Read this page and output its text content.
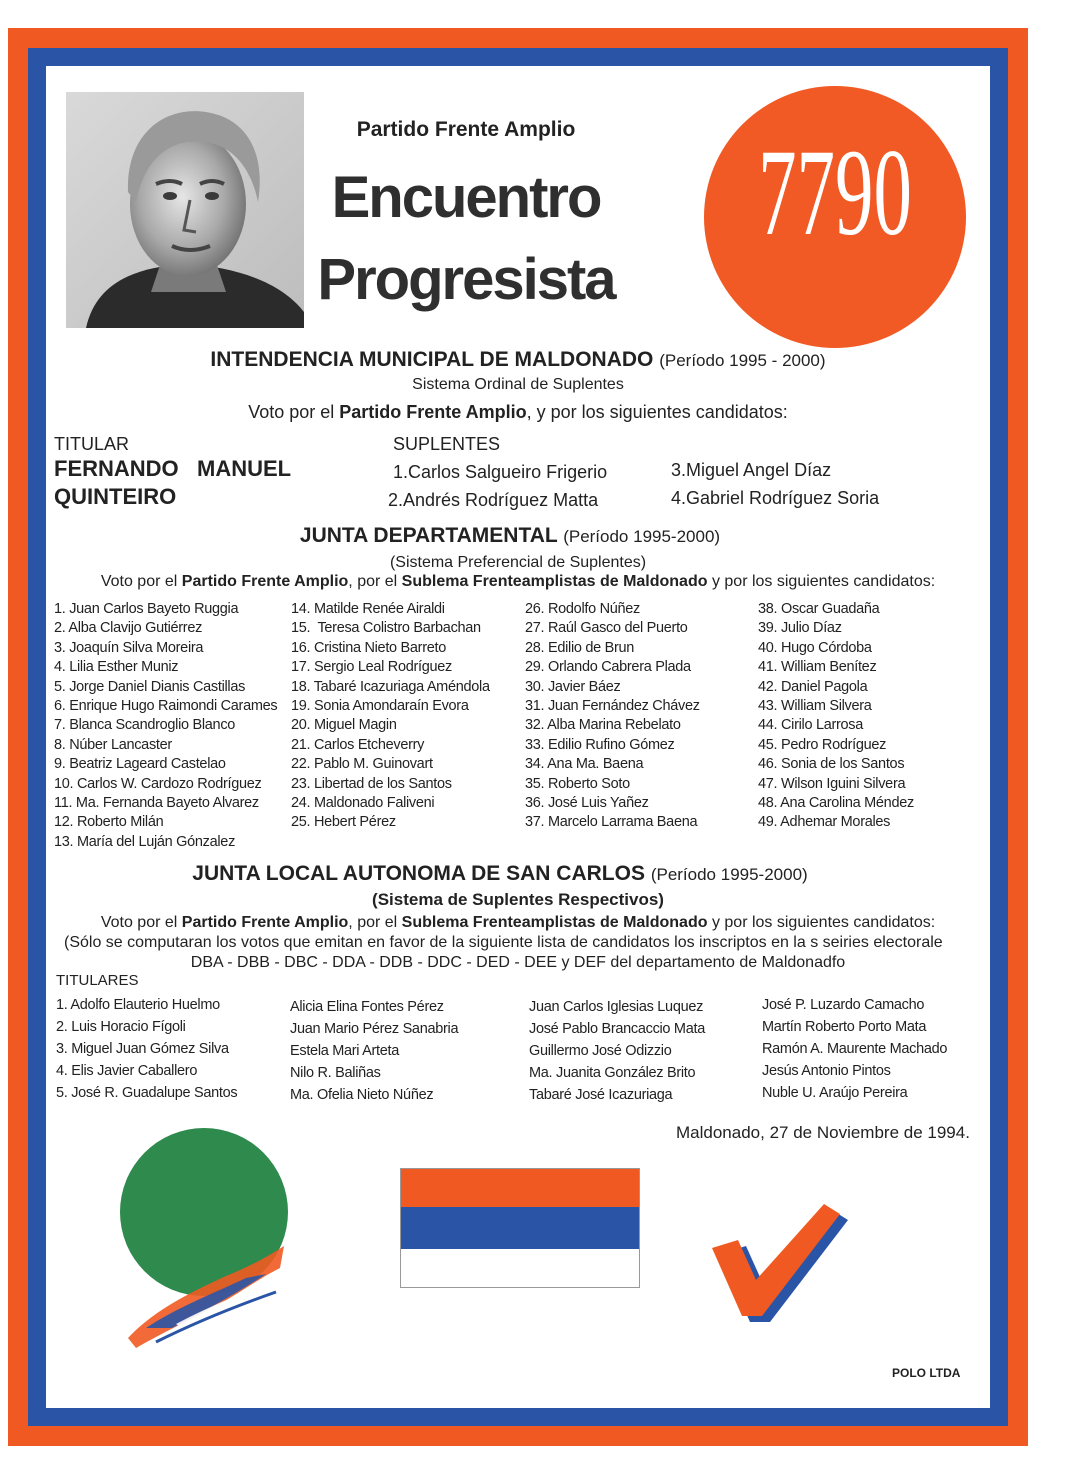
Partido Frente Amplio
Encuentro
Progresista
7790
INTENDENCIA MUNICIPAL DE MALDONADO (Período 1995 - 2000)
Sistema Ordinal de Suplentes
Voto por el Partido Frente Amplio, y por los siguientes candidatos:
TITULAR
FERNANDO   MANUEL
QUINTEIRO
SUPLENTES
1.Carlos Salgueiro Frigerio
2.Andrés Rodríguez Matta
3.Miguel Angel Díaz
4.Gabriel Rodríguez Soria
JUNTA DEPARTAMENTAL (Período 1995-2000)
(Sistema Preferencial de Suplentes)
Voto por el Partido Frente Amplio, por el Sublema Frenteamplistas de Maldonado y por los siguientes candidatos:
1. Juan Carlos Bayeto Ruggia
2. Alba Clavijo Gutiérrez
3. Joaquín Silva Moreira
4. Lilia Esther Muniz
5. Jorge Daniel Dianis Castillas
6. Enrique Hugo Raimondi Carames
7. Blanca Scandroglio Blanco
8. Núber Lancaster
9. Beatriz Lageard Castelao
10. Carlos W. Cardozo Rodríguez
11. Ma. Fernanda Bayeto Alvarez
12. Roberto Milán
13. María del Luján Gónzalez
14. Matilde Renée Airaldi
15.  Teresa Colistro Barbachan
16. Cristina Nieto Barreto
17. Sergio Leal Rodríguez
18. Tabaré Icazuriaga Améndola
19. Sonia Amondaraín Evora
20. Miguel Magin
21. Carlos Etcheverry
22. Pablo M. Guinovart
23. Libertad de los Santos
24. Maldonado Faliveni
25. Hebert Pérez
26. Rodolfo Núñez
27. Raúl Gasco del Puerto
28. Edilio de Brun
29. Orlando Cabrera Plada
30. Javier Báez
31. Juan Fernández Chávez
32. Alba Marina Rebelato
33. Edilio Rufino Gómez
34. Ana Ma. Baena
35. Roberto Soto
36. José Luis Yañez
37. Marcelo Larrama Baena
38. Oscar Guadaña
39. Julio Díaz
40. Hugo Córdoba
41. William Benítez
42. Daniel Pagola
43. William Silvera
44. Cirilo Larrosa
45. Pedro Rodríguez
46. Sonia de los Santos
47. Wilson Iguini Silvera
48. Ana Carolina Méndez
49. Adhemar Morales
JUNTA LOCAL AUTONOMA DE SAN CARLOS (Período 1995-2000)
(Sistema de Suplentes Respectivos)
Voto por el Partido Frente Amplio, por el Sublema Frenteamplistas de Maldonado y por los siguientes candidatos:
(Sólo se computaran los votos que emitan en favor de la siguiente lista de candidatos los inscriptos en la s seiries electorale
DBA - DBB - DBC - DDA - DDB - DDC - DED - DEE y DEF del departamento de Maldonadfo
TITULARES
1. Adolfo Elauterio Huelmo
2. Luis Horacio Fígoli
3. Miguel Juan Gómez Silva
4. Elis Javier Caballero
5. José R. Guadalupe Santos
Alicia Elina Fontes Pérez
Juan Mario Pérez Sanabria
Estela Mari Arteta
Nilo R. Baliñas
Ma. Ofelia Nieto Núñez
Juan Carlos Iglesias Luquez
José Pablo Brancaccio Mata
Guillermo José Odizzio
Ma. Juanita González Brito
Tabaré José Icazuriaga
José P. Luzardo Camacho
Martín Roberto Porto Mata
Ramón A. Maurente Machado
Jesús Antonio Pintos
Nuble U. Araújo Pereira
Maldonado, 27 de Noviembre de 1994.
POLO LTDA
